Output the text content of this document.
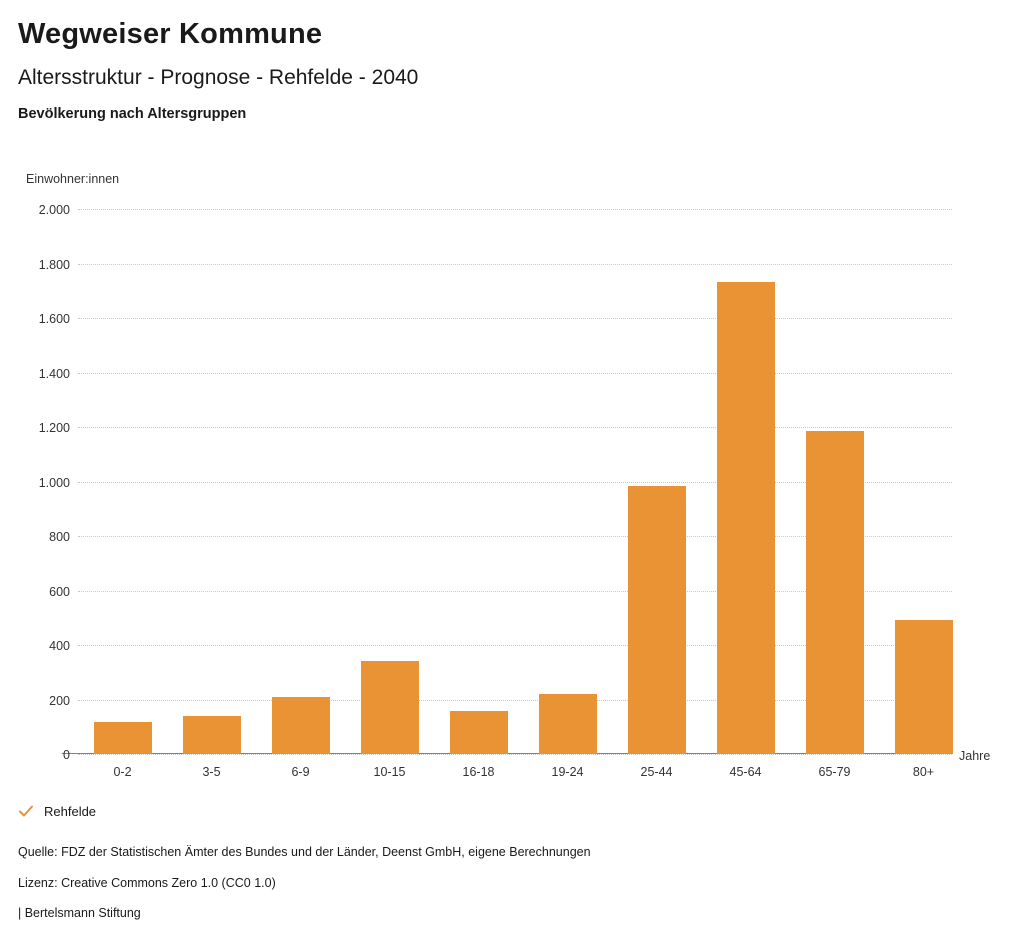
Wegweiser Kommune
Altersstruktur - Prognose - Rehfelde - 2040
Bevölkerung nach Altersgruppen
Einwohner:innen
Jahre
0
200
400
600
800
1.000
1.200
1.400
1.600
1.800
2.000
0-2	3-5	6-9	10-15	16-18	19-24	25-44	45-64	65-79	80+
Rehfelde
Quelle: FDZ der Statistischen Ämter des Bundes und der Länder, Deenst GmbH, eigene Berechnungen
Lizenz: Creative Commons Zero 1.0 (CC0 1.0)
| Bertelsmann Stiftung
